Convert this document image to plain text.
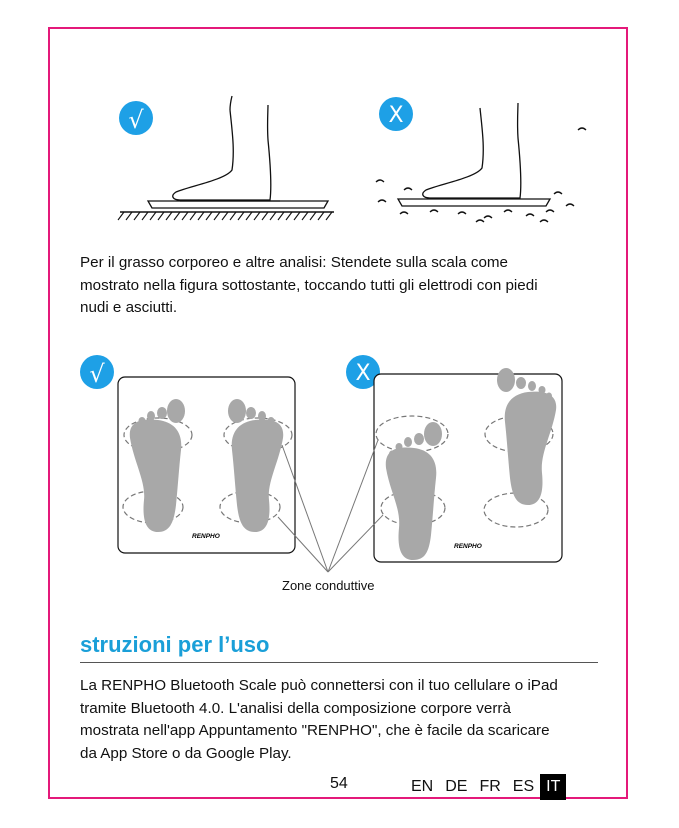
√	X

Per il grasso corporeo e altre analisi: Stendete sulla scala come
mostrato nella figura sottostante, toccando tutti gli elettrodi con piedi
nudi e asciutti.

√
RENPHO
X
RENPHO
Zone conduttive
struzioni per l’uso

La RENPHO Bluetooth Scale può connettersi con il tuo cellulare o iPad
tramite Bluetooth 4.0. L'analisi della composizione corpore verrà
mostrata nell'app Appuntamento "RENPHO", che è facile da scaricare
da App Store o da Google Play.

54	EN DE FR ES IT
